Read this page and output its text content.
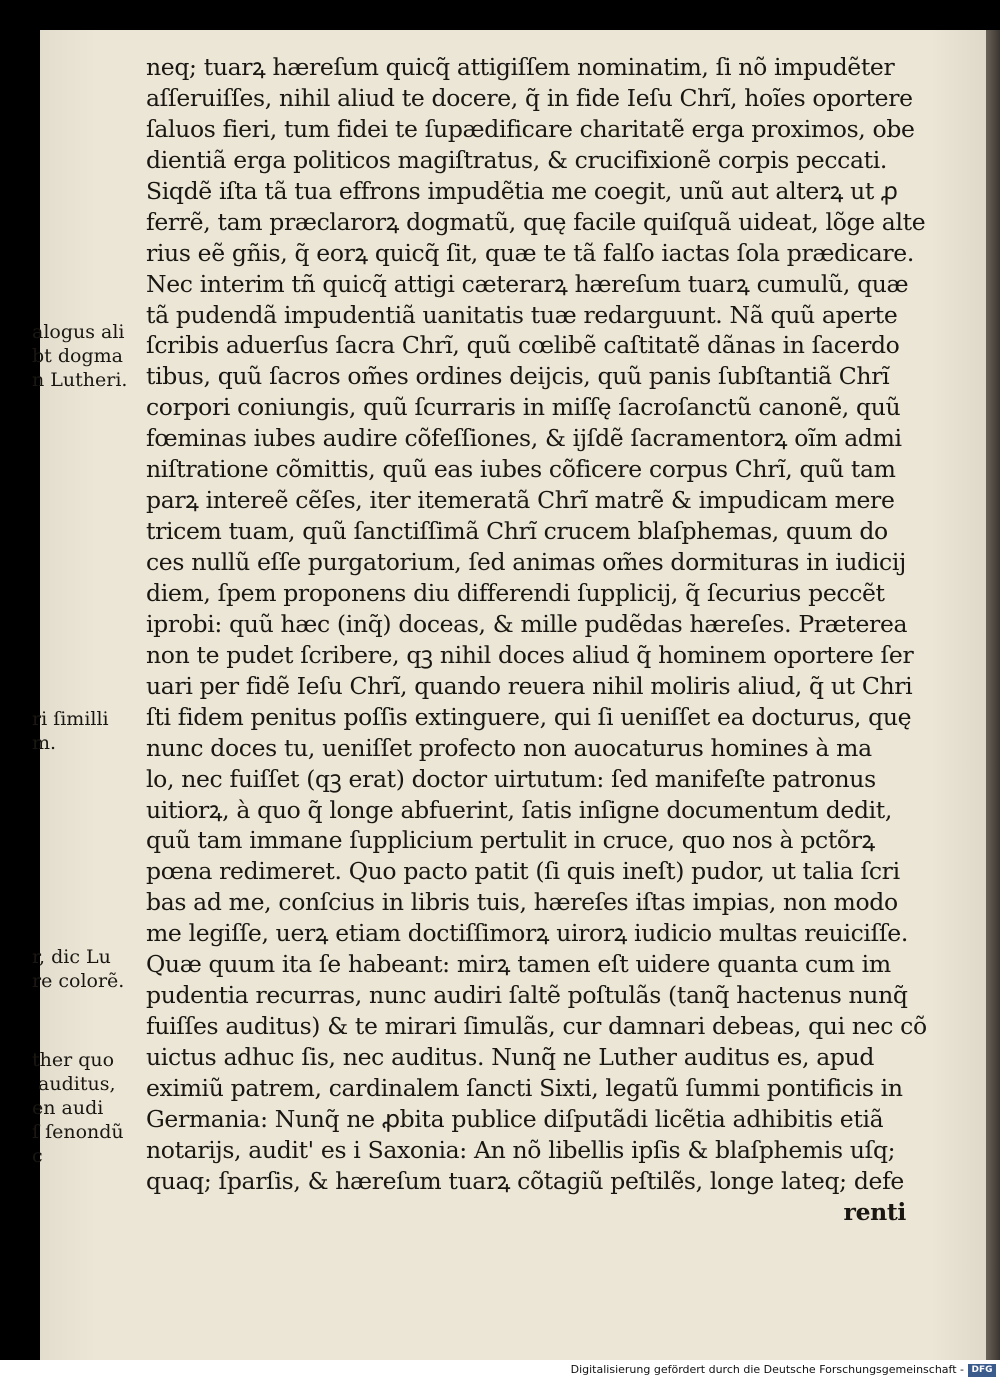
alogus ali
bt dogma
n Lutheri.

ri ſimilli
m.

r, dic Lu
re colorẽ.

ther quo
auditus,
en audi
ſ ſenondũ
c

neq; tuarꝝ hæreſum quicq̃ attigiſſem nominatim, ſi nõ impudẽter
aſſeruiſſes, nihil aliud te docere, q̃ in fide Ieſu Chrĩ, hoĩes oportere
ſaluos fieri, tum fidei te ſupædificare charitatẽ erga proximos, obe
dientiã erga politicos magiſtratus, & crucifixionẽ corpis peccati.
Siqdẽ iſta tã tua effrons impudẽtia me coegit, unũ aut alterꝝ ut ꝓ
ferrẽ, tam præclarorꝝ dogmatũ, quę facile quiſquã uideat, lõge alte
rius eẽ gñis, q̃ eorꝝ quicq̃ ſit, quæ te tã falſo iactas ſola prædicare.
Nec interim tñ quicq̃ attigi cæterarꝝ hæreſum tuarꝝ cumulũ, quæ
tã pudendã impudentiã uanitatis tuæ redarguunt. Nã quũ aperte
ſcribis aduerſus ſacra Chrĩ, quũ cœlibẽ caſtitatẽ dãnas in ſacerdo
tibus, quũ ſacros om̃es ordines deijcis, quũ panis ſubſtantiã Chrĩ
corpori coniungis, quũ ſcurraris in miſſę ſacroſanctũ canonẽ, quũ
fœminas iubes audire cõfeſſiones, & ijſdẽ ſacramentorꝝ oĩm admi
niſtratione cõmittis, quũ eas iubes cõficere corpus Chrĩ, quũ tam
parꝝ intereẽ cẽſes, iter itemeratã Chrĩ matrẽ & impudicam mere
tricem tuam, quũ ſanctiſſimã Chrĩ crucem blaſphemas, quum do
ces nullũ eſſe purgatorium, ſed animas om̃es dormituras in iudicij
diem, ſpem proponens diu differendi ſupplicij, q̃ ſecurius peccẽt
iprobi: quũ hæc (inq̃) doceas, & mille pudẽdas hæreſes. Præterea
non te pudet ſcribere, qꝫ nihil doces aliud q̃ hominem oportere ſer
uari per fidẽ Ieſu Chrĩ, quando reuera nihil moliris aliud, q̃ ut Chri
ſti fidem penitus poſſis extinguere, qui ſi ueniſſet ea docturus, quę
nunc doces tu, ueniſſet profecto non auocaturus homines à ma
lo, nec fuiſſet (qꝫ erat) doctor uirtutum: ſed manifeſte patronus
uitiorꝝ, à quo q̃ longe abfuerint, ſatis inſigne documentum dedit,
quũ tam immane ſupplicium pertulit in cruce, quo nos à pctõrꝝ
pœna redimeret. Quo pacto patit (ſi quis ineſt) pudor, ut talia ſcri
bas ad me, conſcius in libris tuis, hæreſes iſtas impias, non modo
me legiſſe, uerꝝ etiam doctiſſimorꝝ uirorꝝ iudicio multas reuiciſſe.
Quæ quum ita ſe habeant: mirꝝ tamen eſt uidere quanta cum im
pudentia recurras, nunc audiri ſaltẽ poſtulãs (tanq̃ hactenus nunq̃
fuiſſes auditus) & te mirari ſimulãs, cur damnari debeas, qui nec cõ
uictus adhuc ſis, nec auditus. Nunq̃ ne Luther auditus es, apud
eximiũ patrem, cardinalem ſancti Sixti, legatũ ſummi pontificis in
Germania: Nunq̃ ne ꝓbita publice diſputãdi licẽtia adhibitis etiã
notarijs, audit' es i Saxonia: An nõ libellis ipſis & blaſphemis uſq;
quaq; ſparſis, & hæreſum tuarꝝ cõtagiũ peſtilẽs, longe lateq; defe
renti
Digitalisierung gefördert durch die Deutsche Forschungsgemeinschaft - DFG
